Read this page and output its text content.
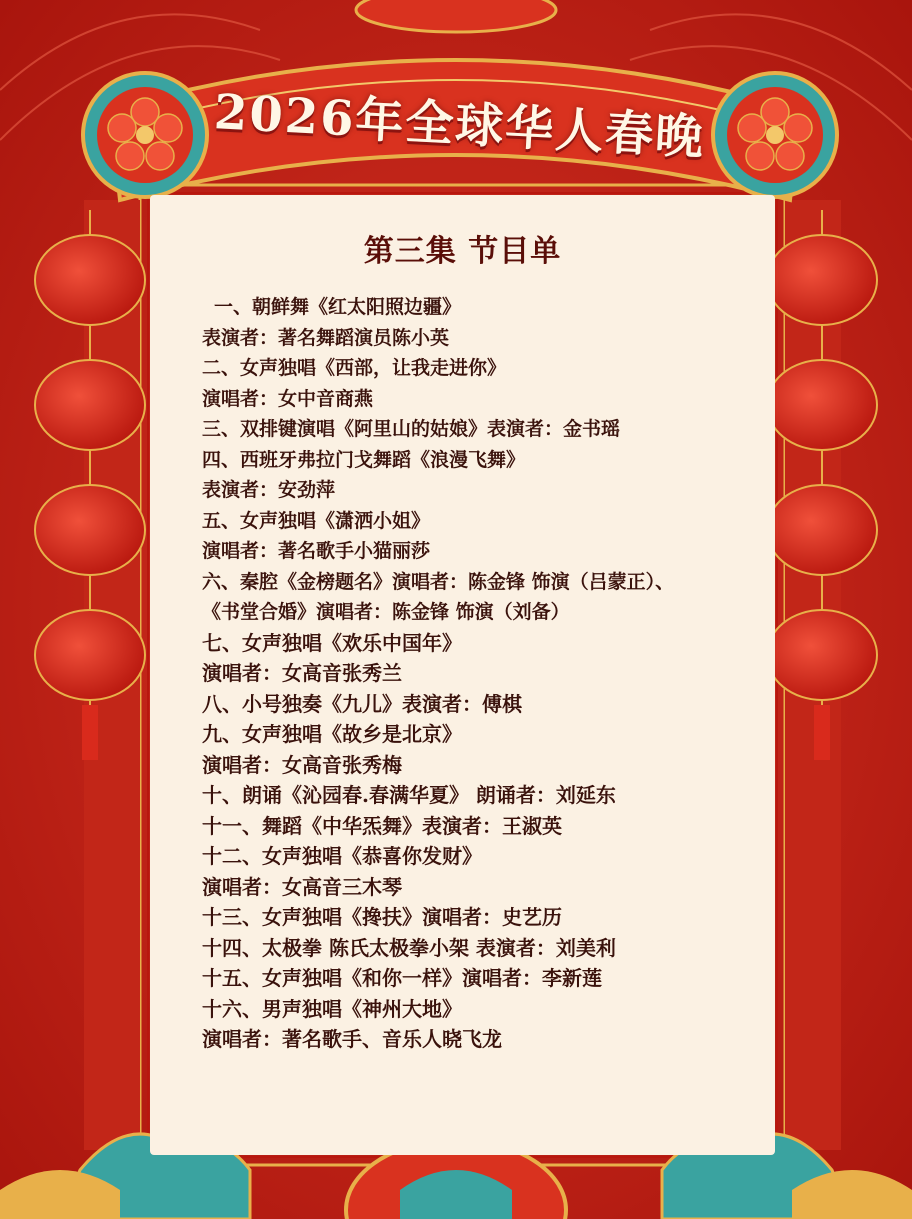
2026年全球华人春晚
第三集 节目单
一、朝鲜舞《红太阳照边疆》
表演者：著名舞蹈演员陈小英
二、女声独唱《西部，让我走进你》
演唱者：女中音商燕
三、双排键演唱《阿里山的姑娘》表演者：金书瑶
四、西班牙弗拉门戈舞蹈《浪漫飞舞》
表演者：安劲萍
五、女声独唱《潇洒小姐》
演唱者：著名歌手小猫丽莎
六、秦腔《金榜题名》演唱者：陈金锋 饰演（吕蒙正）、
《书堂合婚》演唱者：陈金锋 饰演（刘备）
七、女声独唱《欢乐中国年》
演唱者：女高音张秀兰
八、小号独奏《九儿》表演者：傅棋
九、女声独唱《故乡是北京》
演唱者：女高音张秀梅
十、朗诵《沁园春.春满华夏》 朗诵者：刘延东
十一、舞蹈《中华炁舞》表演者：王淑英
十二、女声独唱《恭喜你发财》
演唱者：女高音三木琴
十三、女声独唱《搀扶》演唱者：史艺历
十四、太极拳 陈氏太极拳小架 表演者：刘美利
十五、女声独唱《和你一样》演唱者：李新莲
十六、男声独唱《神州大地》
演唱者：著名歌手、音乐人晓飞龙
